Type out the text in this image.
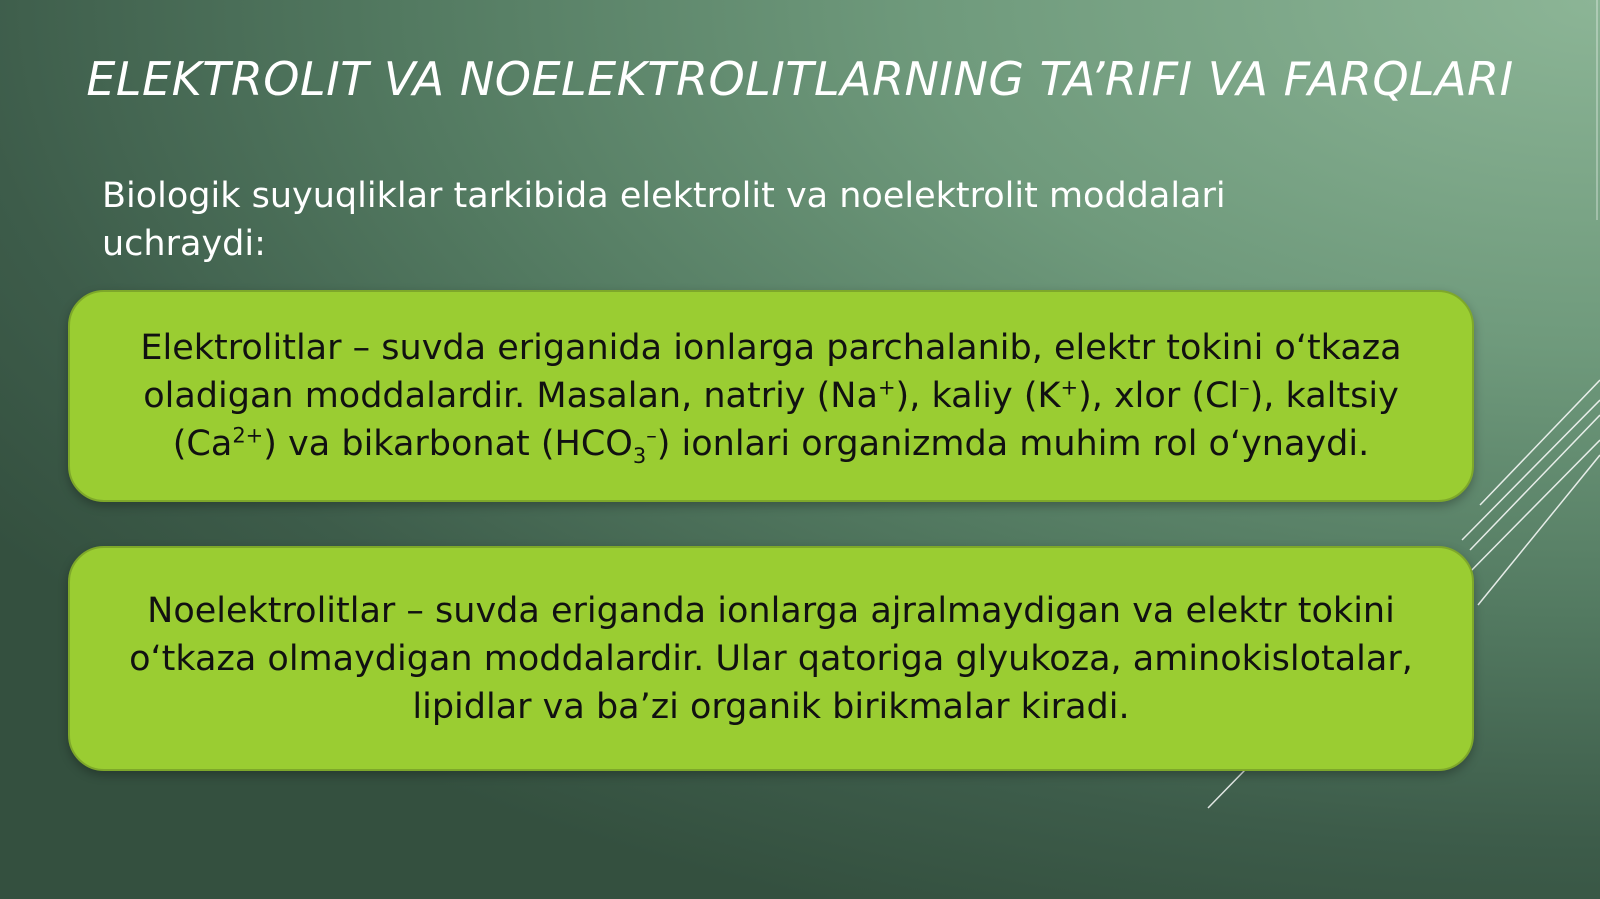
ELEKTROLIT VA NOELEKTROLITLARNING TA’RIFI VA FARQLARI
Biologik suyuqliklar tarkibida elektrolit va noelektrolit moddalari uchraydi:
Elektrolitlar – suvda eriganida ionlarga parchalanib, elektr tokini o‘tkaza
oladigan moddalardir. Masalan, natriy (Na+), kaliy (K+), xlor (Cl–), kaltsiy
$(Ca^{2+})$ va bikarbonat $(HCO_3^-)$ ionlari organizmda muhim rol o‘ynaydi.
Noelektrolitlar – suvda eriganda ionlarga ajralmaydigan va elektr tokini o‘tkaza olmaydigan moddalardir. Ular qatoriga glyukoza, aminokislotalar, lipidlar va ba’zi organik birikmalar kiradi.
